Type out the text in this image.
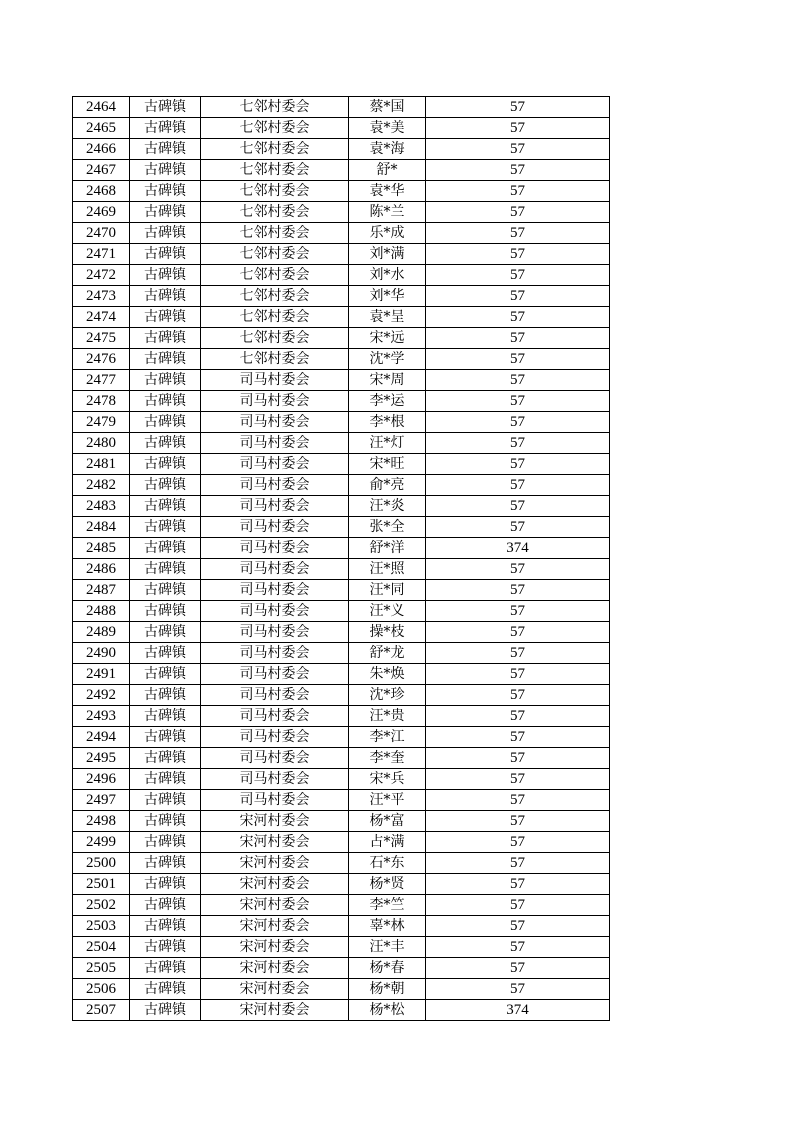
2464	古碑镇	七邻村委会	蔡*国	57
2465	古碑镇	七邻村委会	袁*美	57
2466	古碑镇	七邻村委会	袁*海	57
2467	古碑镇	七邻村委会	舒*	57
2468	古碑镇	七邻村委会	袁*华	57
2469	古碑镇	七邻村委会	陈*兰	57
2470	古碑镇	七邻村委会	乐*成	57
2471	古碑镇	七邻村委会	刘*满	57
2472	古碑镇	七邻村委会	刘*水	57
2473	古碑镇	七邻村委会	刘*华	57
2474	古碑镇	七邻村委会	袁*呈	57
2475	古碑镇	七邻村委会	宋*远	57
2476	古碑镇	七邻村委会	沈*学	57
2477	古碑镇	司马村委会	宋*周	57
2478	古碑镇	司马村委会	李*运	57
2479	古碑镇	司马村委会	李*根	57
2480	古碑镇	司马村委会	汪*灯	57
2481	古碑镇	司马村委会	宋*旺	57
2482	古碑镇	司马村委会	俞*亮	57
2483	古碑镇	司马村委会	汪*炎	57
2484	古碑镇	司马村委会	张*全	57
2485	古碑镇	司马村委会	舒*洋	374
2486	古碑镇	司马村委会	汪*照	57
2487	古碑镇	司马村委会	汪*同	57
2488	古碑镇	司马村委会	汪*义	57
2489	古碑镇	司马村委会	操*枝	57
2490	古碑镇	司马村委会	舒*龙	57
2491	古碑镇	司马村委会	朱*焕	57
2492	古碑镇	司马村委会	沈*珍	57
2493	古碑镇	司马村委会	汪*贵	57
2494	古碑镇	司马村委会	李*江	57
2495	古碑镇	司马村委会	李*奎	57
2496	古碑镇	司马村委会	宋*兵	57
2497	古碑镇	司马村委会	汪*平	57
2498	古碑镇	宋河村委会	杨*富	57
2499	古碑镇	宋河村委会	占*满	57
2500	古碑镇	宋河村委会	石*东	57
2501	古碑镇	宋河村委会	杨*贤	57
2502	古碑镇	宋河村委会	李*竺	57
2503	古碑镇	宋河村委会	辜*林	57
2504	古碑镇	宋河村委会	汪*丰	57
2505	古碑镇	宋河村委会	杨*春	57
2506	古碑镇	宋河村委会	杨*朝	57
2507	古碑镇	宋河村委会	杨*松	374
